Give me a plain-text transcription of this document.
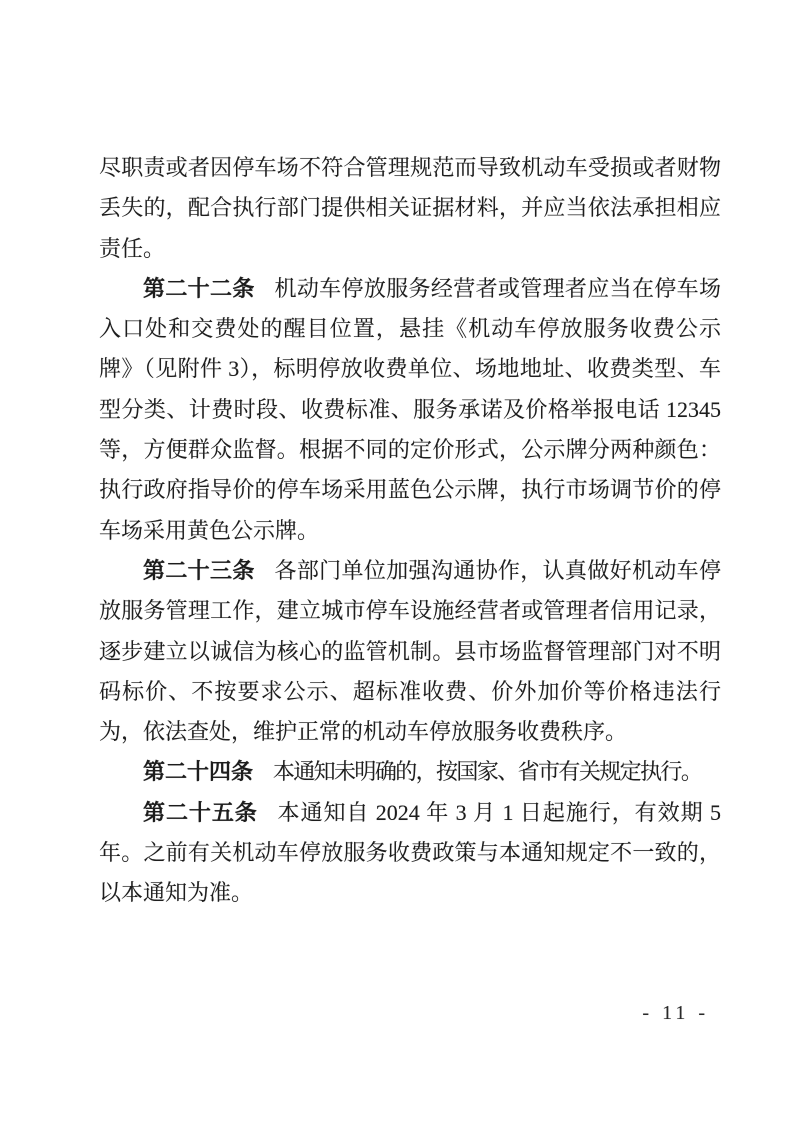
尽职责或者因停车场不符合管理规范而导致机动车受损或者财物丢失的，配合执行部门提供相关证据材料，并应当依法承担相应责任。

第二十二条 机动车停放服务经营者或管理者应当在停车场入口处和交费处的醒目位置，悬挂《机动车停放服务收费公示牌》（见附件 3），标明停放收费单位、场地地址、收费类型、车型分类、计费时段、收费标准、服务承诺及价格举报电话 12345 等，方便群众监督。根据不同的定价形式，公示牌分两种颜色：执行政府指导价的停车场采用蓝色公示牌，执行市场调节价的停车场采用黄色公示牌。

第二十三条 各部门单位加强沟通协作，认真做好机动车停放服务管理工作，建立城市停车设施经营者或管理者信用记录，逐步建立以诚信为核心的监管机制。县市场监督管理部门对不明码标价、不按要求公示、超标准收费、价外加价等价格违法行为，依法查处，维护正常的机动车停放服务收费秩序。

第二十四条 本通知未明确的，按国家、省市有关规定执行。

第二十五条 本通知自 2024 年 3 月 1 日起施行，有效期 5 年。之前有关机动车停放服务收费政策与本通知规定不一致的，以本通知为准。

- 11 -
